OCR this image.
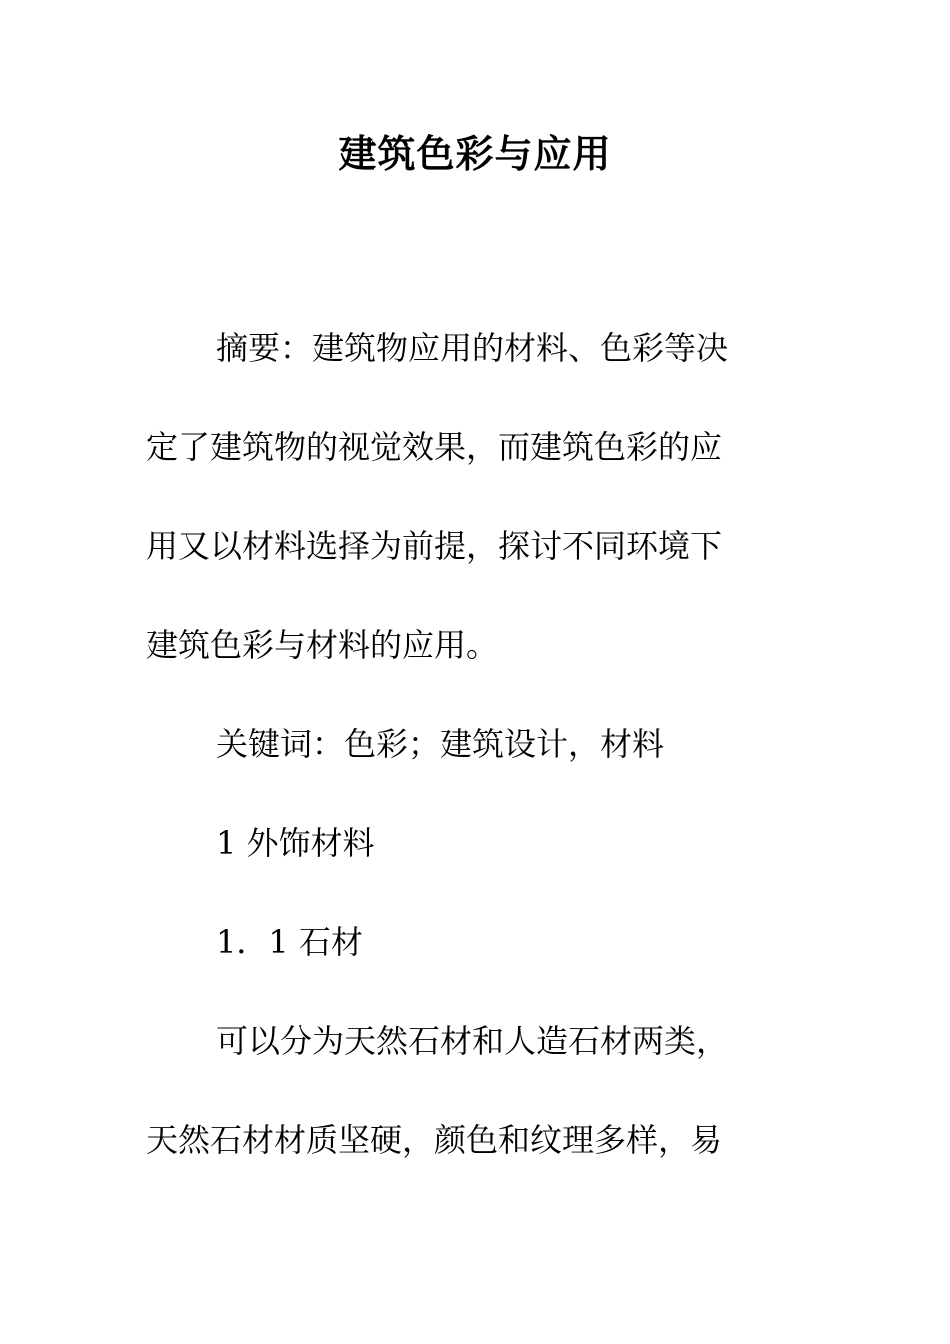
建筑色彩与应用
摘要：建筑物应用的材料、色彩等决
定了建筑物的视觉效果，而建筑色彩的应
用又以材料选择为前提，探讨不同环境下
建筑色彩与材料的应用。
关键词：色彩；建筑设计，材料
1 外饰材料
1．1 石材
可以分为天然石材和人造石材两类，
天然石材材质坚硬，颜色和纹理多样，易
